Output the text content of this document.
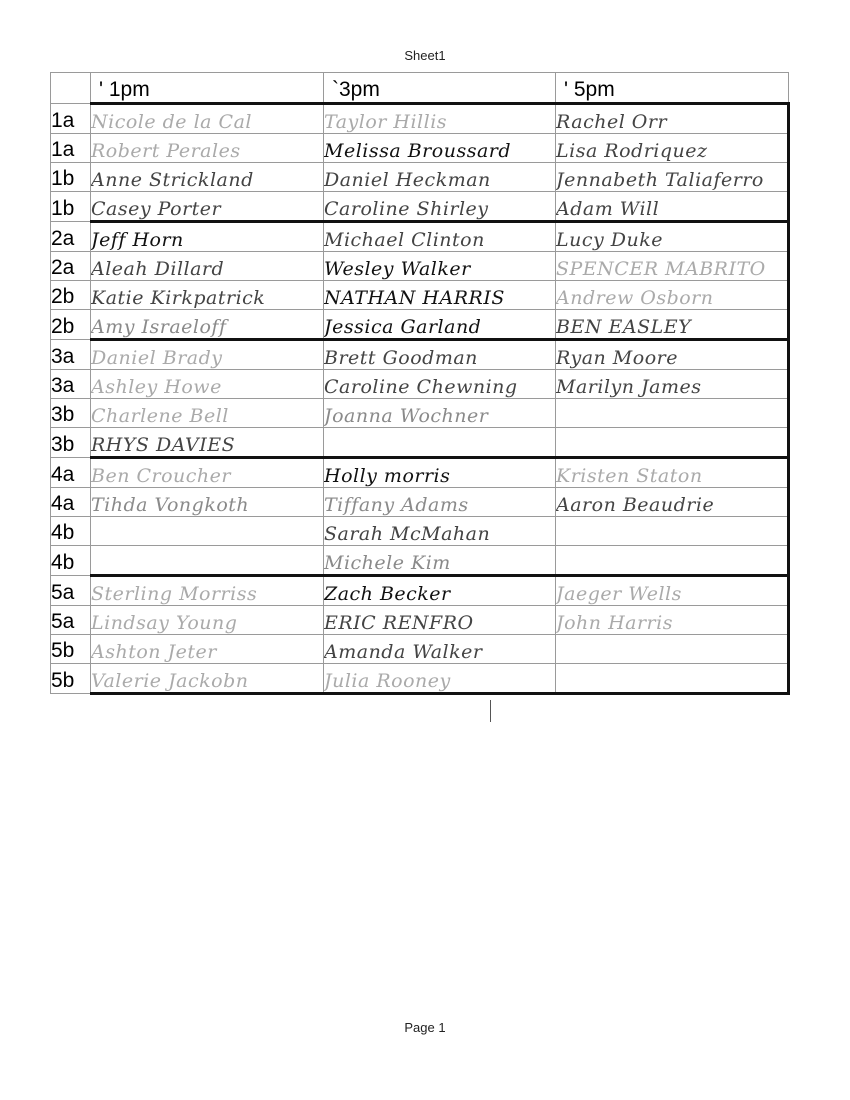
Sheet1
	' 1pm	`3pm	' 5pm
1a	Nicole de la Cal	Taylor Hillis	Rachel Orr
1a	Robert Perales	Melissa Broussard	Lisa Rodriquez
1b	Anne Strickland	Daniel Heckman	Jennabeth Taliaferro
1b	Casey Porter	Caroline Shirley	Adam Will
2a	Jeff Horn	Michael Clinton	Lucy Duke
2a	Aleah Dillard	Wesley Walker	SPENCER MABRITO
2b	Katie Kirkpatrick	NATHAN HARRIS	Andrew Osborn
2b	Amy Israeloff	Jessica Garland	BEN EASLEY
3a	Daniel Brady	Brett Goodman	Ryan Moore
3a	Ashley Howe	Caroline Chewning	Marilyn James
3b	Charlene Bell	Joanna Wochner	
3b	RHYS DAVIES		
4a	Ben Croucher	Holly morris	Kristen Staton
4a	Tihda Vongkoth	Tiffany Adams	Aaron Beaudrie
4b		Sarah McMahan	
4b		Michele Kim	
5a	Sterling Morriss	Zach Becker	Jaeger Wells
5a	Lindsay Young	ERIC RENFRO	John Harris
5b	Ashton Jeter	Amanda Walker	
5b	Valerie Jackobn	Julia Rooney	
Page 1
